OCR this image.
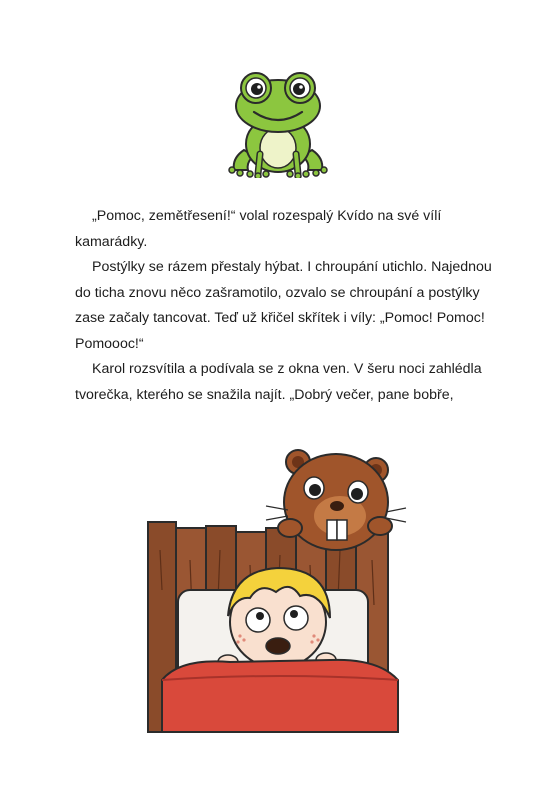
„Pomoc, zemětřesení!“ volal rozespalý Kvído na své vílí kamarádky.

Postýlky se rázem přestaly hýbat. I chroupání utichlo. Najednou do ticha znovu něco zašramotilo, ozvalo se chroupání a postýlky zase začaly tancovat. Teď už křičel skřítek i víly: „Pomoc! Pomoc! Pomoooc!“

Karol rozsvítila a podívala se z okna ven. V šeru noci zahlédla tvorečka, kterého se snažila najít. „Dobrý večer, pane bobře,
